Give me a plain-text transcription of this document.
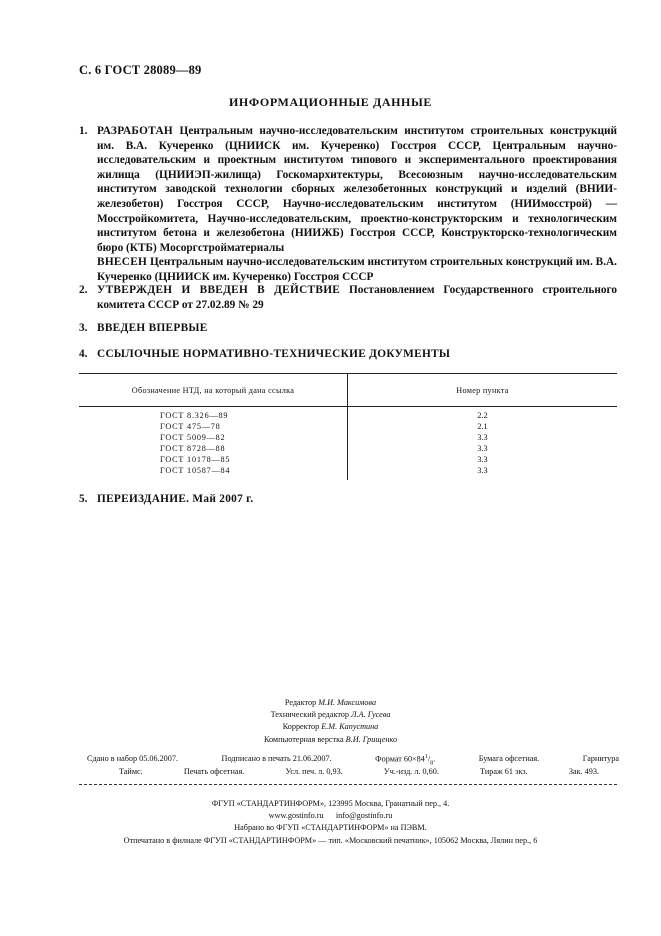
С. 6 ГОСТ 28089—89
ИНФОРМАЦИОННЫЕ ДАННЫЕ
1. РАЗРАБОТАН Центральным научно-исследовательским институтом строительных конструкций им. В.А. Кучеренко (ЦНИИСК им. Кучеренко) Госстроя СССР, Центральным научно-исследовательским и проектным институтом типового и экспериментального проектирования жилища (ЦНИИЭП-жилища) Госкомархитектуры, Всесоюзным научно-исследовательским институтом заводской технологии сборных железобетонных конструкций и изделий (ВНИИ-железобетон) Госстроя СССР, Научно-исследовательским институтом (НИИмосстрой) — Мосстройкомитета, Научно-исследовательским, проектно-конструкторским и технологическим институтом бетона и железобетона (НИИЖБ) Госстроя СССР, Конструкторско-технологическим бюро (КТБ) Мосоргстройматериалы

ВНЕСЕН Центральным научно-исследовательским институтом строительных конструкций им. В.А. Кучеренко (ЦНИИСК им. Кучеренко) Госстроя СССР

2. УТВЕРЖДЕН И ВВЕДЕН В ДЕЙСТВИЕ Постановлением Государственного строительного комитета СССР от 27.02.89 № 29

3. ВВЕДЕН ВПЕРВЫЕ
4. ССЫЛОЧНЫЕ НОРМАТИВНО-ТЕХНИЧЕСКИЕ ДОКУМЕНТЫ
Обозначение НТД, на который дана ссылка	Номер пункта
ГОСТ 8.326—89	2.2
ГОСТ 475—78	2.1
ГОСТ 5009—82	3.3
ГОСТ 8728—88	3.3
ГОСТ 10178—85	3.3
ГОСТ 10587—84	3.3
5. ПЕРЕИЗДАНИЕ. Май 2007 г.
Редактор М.И. Максимова
Технический редактор Л.А. Гусева
Корректор Е.М. Капустина
Компьютерная верстка В.И. Грищенко
Сдано в набор 05.06.2007.	Подписано в печать 21.06.2007.	Формат $60\times 84^1/_8$.	Бумага офсетная.	Гарнитура
Таймс.	Печать офсетная.	Усл. печ. л. 0,93.	Уч.-изд. л. 0,60.	Тираж 61 экз.	Зак. 493.
ФГУП «СТАНДАРТИНФОРМ», 123995 Москва, Гранатный пер., 4.
www.gostinfo.ru info@gostinfo.ru
Набрано во ФГУП «СТАНДАРТИНФОРМ» на ПЭВМ.
Отпечатано в филиале ФГУП «СТАНДАРТИНФОРМ» — тип. «Московский печатник», 105062 Москва, Лялин пер., 6
